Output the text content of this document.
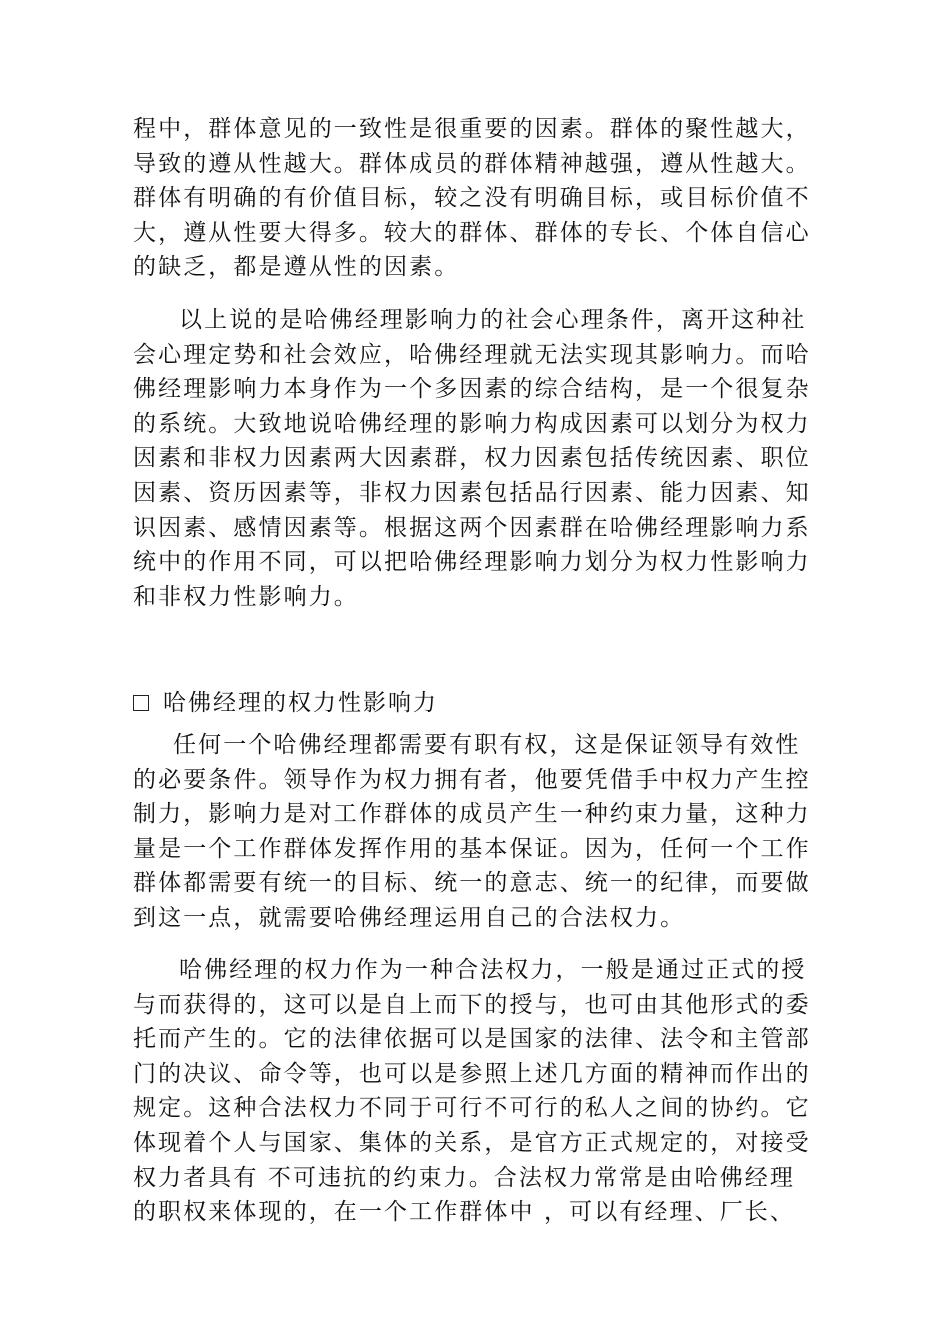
程中，群体意见的一致性是很重要的因素。群体的聚性越大，
导致的遵从性越大。群体成员的群体精神越强，遵从性越大。
群体有明确的有价值目标，较之没有明确目标，或目标价值不
大，遵从性要大得多。较大的群体、群体的专长、个体自信心
的缺乏，都是遵从性的因素。
以上说的是哈佛经理影响力的社会心理条件，离开这种社
会心理定势和社会效应，哈佛经理就无法实现其影响力。而哈
佛经理影响力本身作为一个多因素的综合结构，是一个很复杂
的系统。大致地说哈佛经理的影响力构成因素可以划分为权力
因素和非权力因素两大因素群，权力因素包括传统因素、职位
因素、资历因素等，非权力因素包括品行因素、能力因素、知
识因素、感情因素等。根据这两个因素群在哈佛经理影响力系
统中的作用不同，可以把哈佛经理影响力划分为权力性影响力
和非权力性影响力。
哈佛经理的权力性影响力
任何一个哈佛经理都需要有职有权，这是保证领导有效性
的必要条件。领导作为权力拥有者，他要凭借手中权力产生控
制力，影响力是对工作群体的成员产生一种约束力量，这种力
量是一个工作群体发挥作用的基本保证。因为，任何一个工作
群体都需要有统一的目标、统一的意志、统一的纪律，而要做
到这一点，就需要哈佛经理运用自己的合法权力。
哈佛经理的权力作为一种合法权力，一般是通过正式的授
与而获得的，这可以是自上而下的授与，也可由其他形式的委
托而产生的。它的法律依据可以是国家的法律、法令和主管部
门的决议、命令等，也可以是参照上述几方面的精神而作出的
规定。这种合法权力不同于可行不可行的私人之间的协约。它
体现着个人与国家、集体的关系，是官方正式规定的，对接受
权力者具有 不可违抗的约束力。合法权力常常是由哈佛经理
的职权来体现的，在一个工作群体中 ，可以有经理、厂长、
